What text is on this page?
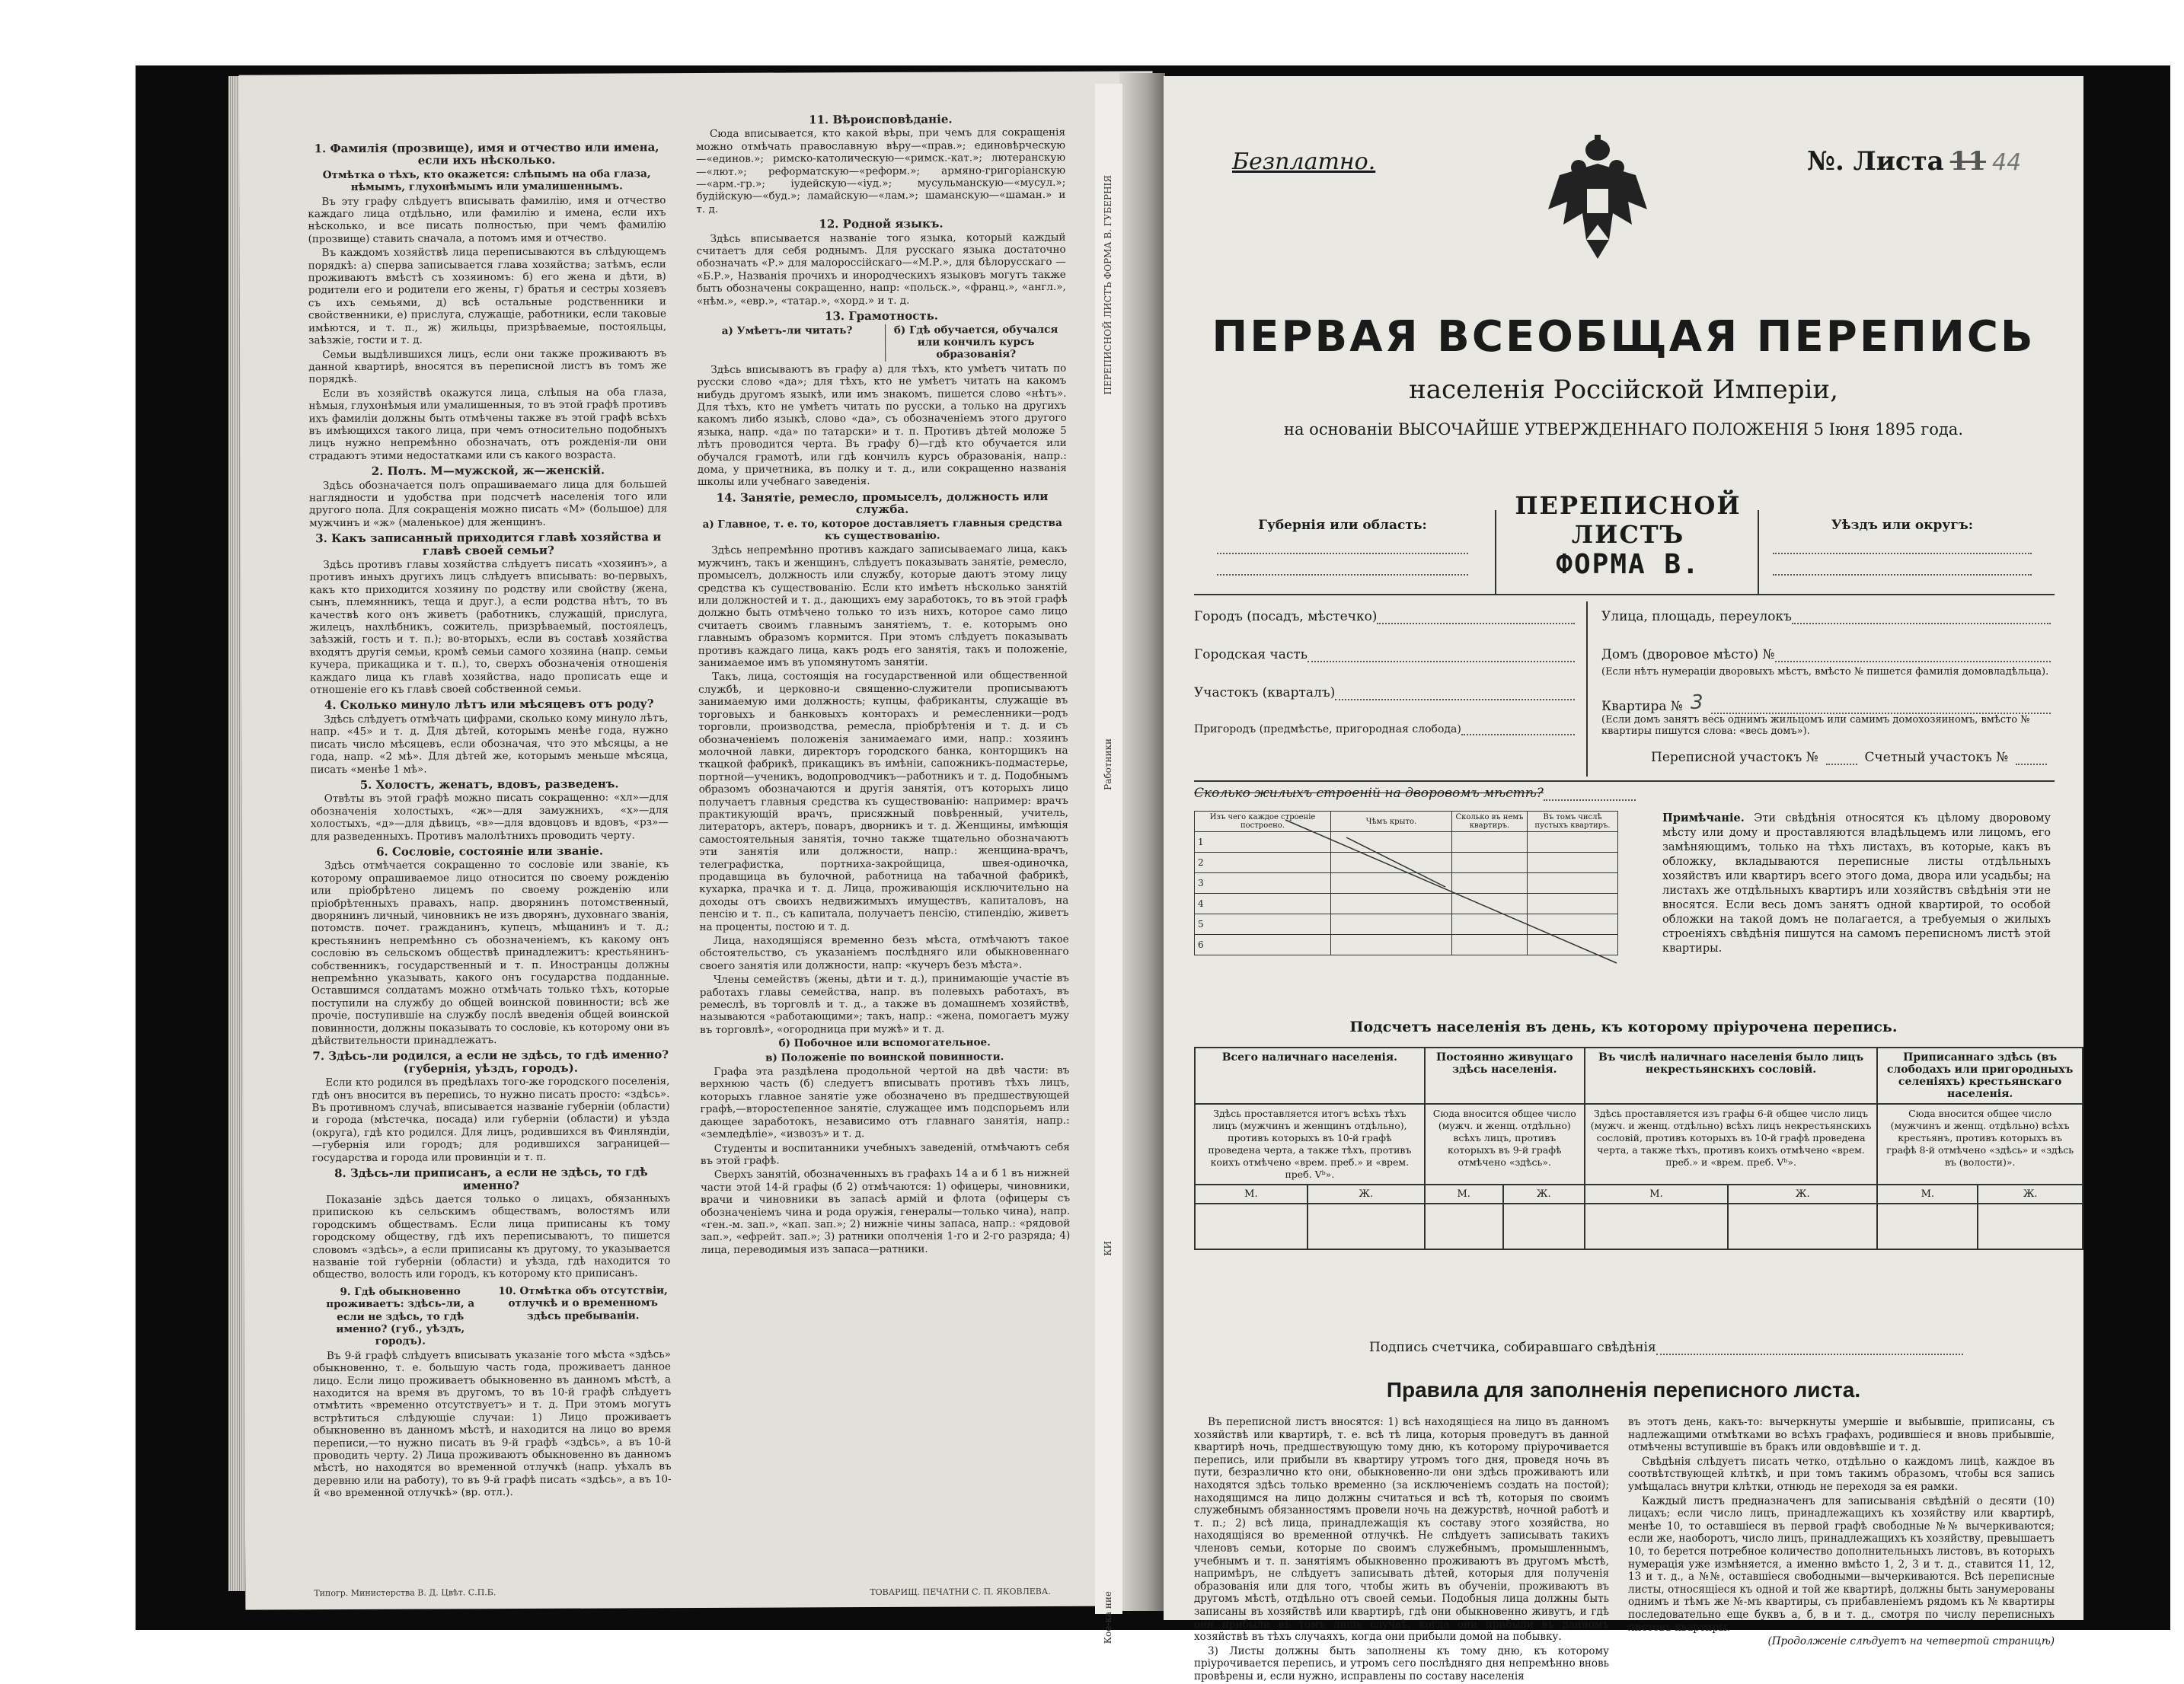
1. Фамилія (прозвище), имя и отчество или имена, если ихъ нѣсколько.

Отмѣтка о тѣхъ, кто окажется: слѣпымъ на оба глаза, нѣмымъ, глухонѣмымъ или умалишеннымъ.

Въ эту графу слѣдуетъ вписывать фамилію, имя и отчество каждаго лица отдѣльно, или фамилію и имена, если ихъ нѣсколько, и все писать полностью, при чемъ фамилію (прозвище) ставить сначала, а потомъ имя и отчество.

Въ каждомъ хозяйствѣ лица переписываются въ слѣдующемъ порядкѣ: а) сперва записывается глава хозяйства; затѣмъ, если проживаютъ вмѣстѣ съ хозяиномъ: б) его жена и дѣти, в) родители его и родители его жены, г) братья и сестры хозяевъ съ ихъ семьями, д) всѣ остальные родственники и свойственники, е) прислуга, служащіе, работники, если таковые имѣются, и т. п., ж) жильцы, призрѣваемые, постояльцы, заѣзжіе, гости и т. д.

Семьи выдѣлившихся лицъ, если они также проживаютъ въ данной квартирѣ, вносятся въ переписной листъ въ томъ же порядкѣ.

Если въ хозяйствѣ окажутся лица, слѣпыя на оба глаза, нѣмыя, глухонѣмыя или умалишенныя, то въ этой графѣ противъ ихъ фамиліи должны быть отмѣчены также въ этой графѣ всѣхъ въ имѣющихся такого лица, при чемъ относительно подобныхъ лицъ нужно непремѣнно обозначать, отъ рожденія-ли они страдаютъ этими недостатками или съ какого возраста.

2. Полъ. М—мужской, ж—женскій.

Здѣсь обозначается полъ опрашиваемаго лица для большей наглядности и удобства при подсчетѣ населенія того или другого пола. Для сокращенія можно писать «М» (большое) для мужчинъ и «ж» (маленькое) для женщинъ.

3. Какъ записанный приходится главѣ хозяйства и главѣ своей семьи?

Здѣсь противъ главы хозяйства слѣдуетъ писать «хозяинъ», а противъ иныхъ другихъ лицъ слѣдуетъ вписывать: во-первыхъ, какъ кто приходится хозяину по родству или свойству (жена, сынъ, племянникъ, теща и друг.), а если родства нѣтъ, то въ качествѣ кого онъ живетъ (работникъ, служащій, прислуга, жилецъ, нахлѣбникъ, сожитель, призрѣваемый, постоялецъ, заѣзжій, гость и т. п.); во-вторыхъ, если въ составѣ хозяйства входятъ другія семьи, кромѣ семьи самого хозяина (напр. семьи кучера, прикащика и т. п.), то, сверхъ обозначенія отношенія каждаго лица къ главѣ хозяйства, надо прописать еще и отношеніе его къ главѣ своей собственной семьи.

4. Сколько минуло лѣтъ или мѣсяцевъ отъ роду?

Здѣсь слѣдуетъ отмѣчать цифрами, сколько кому минуло лѣтъ, напр. «45» и т. д. Для дѣтей, которымъ менѣе года, нужно писать число мѣсяцевъ, если обозначая, что это мѣсяцы, а не года, напр. «2 мѣ». Для дѣтей же, которымъ меньше мѣсяца, писать «менѣе 1 мѣ».

5. Холостъ, женатъ, вдовъ, разведенъ.

Отвѣты въ этой графѣ можно писать сокращенно: «хл»—для обозначенія холостыхъ, «ж»—для замужнихъ, «х»—для холостыхъ, «д»—для дѣвицъ, «в»—для вдовцовъ и вдовъ, «рз»—для разведенныхъ. Противъ малолѣтнихъ проводить черту.

6. Сословіе, состояніе или званіе.

Здѣсь отмѣчается сокращенно то сословіе или званіе, къ которому опрашиваемое лицо относится по своему рожденію или пріобрѣтено лицемъ по своему рожденію или пріобрѣтенныхъ правахъ, напр. дворянинъ потомственный, дворянинъ личный, чиновникъ не изъ дворянъ, духовнаго званія, потомств. почет. гражданинъ, купецъ, мѣщанинъ и т. д.; крестьянинъ непремѣнно съ обозначеніемъ, къ какому онъ сословію въ сельскомъ обществѣ принадлежитъ: крестьянинъ-собственникъ, государственный и т. п. Иностранцы должны непремѣнно указывать, какого онъ государства подданные. Оставшимся солдатамъ можно отмѣчать только тѣхъ, которые поступили на службу до общей воинской повинности; всѣ же прочіе, поступившіе на службу послѣ введенія общей воинской повинности, должны показывать то сословіе, къ которому они въ дѣйствительности принадлежатъ.

7. Здѣсь-ли родился, а если не здѣсь, то гдѣ именно? (губернія, уѣздъ, городъ).

Если кто родился въ предѣлахъ того-же городского поселенія, гдѣ онъ вносится въ перепись, то нужно писать просто: «здѣсь». Въ противномъ случаѣ, вписывается названіе губерніи (области) и города (мѣстечка, посада) или губерніи (области) и уѣзда (округа), гдѣ кто родился. Для лицъ, родившихся въ Финляндіи,—губернія или городъ; для родившихся заграницей—государства и города или провинціи и т. п.

8. Здѣсь-ли приписанъ, а если не здѣсь, то гдѣ именно?

Показаніе здѣсь дается только о лицахъ, обязанныхъ припискою къ сельскимъ обществамъ, волостямъ или городскимъ обществамъ. Если лица приписаны къ тому городскому обществу, гдѣ ихъ переписываютъ, то пишется словомъ «здѣсь», а если приписаны къ другому, то указывается названіе той губерніи (области) и уѣзда, гдѣ находится то общество, волость или городъ, къ которому кто приписанъ.

9. Гдѣ обыкновенно проживаетъ: здѣсь-ли, а если не здѣсь, то гдѣ именно? (губ., уѣздъ, городъ).
10. Отмѣтка объ отсутствіи, отлучкѣ и о временномъ здѣсь пребываніи.

Въ 9-й графѣ слѣдуетъ вписывать указаніе того мѣста «здѣсь» обыкновенно, т. е. большую часть года, проживаетъ данное лицо. Если лицо проживаетъ обыкновенно въ данномъ мѣстѣ, а находится на время въ другомъ, то въ 10-й графѣ слѣдуетъ отмѣтить «временно отсутствуетъ» и т. д. При этомъ могутъ встрѣтиться слѣдующіе случаи: 1) Лицо проживаетъ обыкновенно въ данномъ мѣстѣ, и находится на лицо во время переписи,—то нужно писать въ 9-й графѣ «здѣсь», а въ 10-й проводить черту. 2) Лица проживаютъ обыкновенно въ данномъ мѣстѣ, но находятся во временной отлучкѣ (напр. уѣхалъ въ деревню или на работу), то въ 9-й графѣ писать «здѣсь», а въ 10-й «во временной отлучкѣ» (вр. отл.).

Типогр. Министерства В. Д. Цвѣт. С.П.Б.
11. Вѣроисповѣданіе.

Сюда вписывается, кто какой вѣры, при чемъ для сокращенія можно отмѣчать православную вѣру—«прав.»; единовѣрческую—«единов.»; римско-католическую—«римск.-кат.»; лютеранскую—«лют.»; реформатскую—«реформ.»; армяно-григоріанскую—«арм.-гр.»; іудейскую—«іуд.»; мусульманскую—«мусул.»; будійскую—«буд.»; ламайскую—«лам.»; шаманскую—«шаман.» и т. д.

12. Родной языкъ.

Здѣсь вписывается названіе того языка, который каждый считаетъ для себя роднымъ. Для русскаго языка достаточно обозначать «Р.» для малороссійскаго—«М.Р.», для бѣлорусскаго — «Б.Р.», Названія прочихъ и инородческихъ языковъ могутъ также быть обозначены сокращенно, напр: «польск.», «франц.», «англ.», «нѣм.», «евр.», «татар.», «хорд.» и т. д.

13. Грамотность.
а) Умѣетъ-ли читать?	б) Гдѣ обучается, обучался или кончилъ курсъ образованія?

Здѣсь вписываютъ въ графу а) для тѣхъ, кто умѣетъ читать по русски слово «да»; для тѣхъ, кто не умѣетъ читать на какомъ нибудь другомъ языкѣ, или имъ знакомъ, пишется слово «нѣтъ». Для тѣхъ, кто не умѣетъ читать по русски, а только на другихъ какомъ либо языкѣ, слово «да», съ обозначеніемъ этого другого языка, напр. «да» по татарски» и т. п. Противъ дѣтей моложе 5 лѣтъ проводится черта. Въ графу б)—гдѣ кто обучается или обучался грамотѣ, или гдѣ кончилъ курсъ образованія, напр.: дома, у причетника, въ полку и т. д., или сокращенно названія школы или учебнаго заведенія.

14. Занятіе, ремесло, промыселъ, должность или служба.

а) Главное, т. е. то, которое доставляетъ главныя средства къ существованію.

Здѣсь непремѣнно противъ каждаго записываемаго лица, какъ мужчинъ, такъ и женщинъ, слѣдуетъ показывать занятіе, ремесло, промыселъ, должность или службу, которые даютъ этому лицу средства къ существованію. Если кто имѣетъ нѣсколько занятій или должностей и т. д., дающихъ ему заработокъ, то въ этой графѣ должно быть отмѣчено только то изъ нихъ, которое само лицо считаетъ своимъ главнымъ занятіемъ, т. е. которымъ оно главнымъ образомъ кормится. При этомъ слѣдуетъ показывать противъ каждаго лица, какъ родъ его занятія, такъ и положеніе, занимаемое имъ въ упомянутомъ занятіи.

Такъ, лица, состоящія на государственной или общественной службѣ, и церковно-и священно-служители прописываютъ занимаемую ими должность; купцы, фабриканты, служащіе въ торговыхъ и банковыхъ конторахъ и ремесленники—родъ торговли, производства, ремесла, пріобрѣтенія и т. д. и съ обозначеніемъ положенія занимаемаго ими, напр.: хозяинъ молочной лавки, директоръ городского банка, конторщикъ на ткацкой фабрикѣ, прикащикъ въ имѣніи, сапожникъ-подмастерье, портной—ученикъ, водопроводчикъ—работникъ и т. д. Подобнымъ образомъ обозначаются и другія занятія, отъ которыхъ лицо получаетъ главныя средства къ существованію: например: врачъ практикующій врачъ, присяжный повѣренный, учитель, литераторъ, актеръ, поваръ, дворникъ и т. д. Женщины, имѣющія самостоятельныя занятія, точно также тщательно обозначаютъ эти занятія или должности, напр.: женщина-врачъ, телеграфистка, портниха-закройщица, швея-одиночка, продавщица въ булочной, работница на табачной фабрикѣ, кухарка, прачка и т. д. Лица, проживающія исключительно на доходы отъ своихъ недвижимыхъ имуществъ, капиталовъ, на пенсію и т. п., съ капитала, получаетъ пенсію, стипендію, живетъ на проценты, постою и т. д.

Лица, находящіяся временно безъ мѣста, отмѣчаютъ такое обстоятельство, съ указаніемъ послѣдняго или обыкновеннаго своего занятія или должности, напр: «кучеръ безъ мѣста».

Члены семействъ (жены, дѣти и т. д.), принимающіе участіе въ работахъ главы семейства, напр. въ полевыхъ работахъ, въ ремеслѣ, въ торговлѣ и т. д., а также въ домашнемъ хозяйствѣ, называются «работающими»; такъ, напр.: «жена, помогаетъ мужу въ торговлѣ», «огородница при мужѣ» и т. д.

б) Побочное или вспомогательное.

в) Положеніе по воинской повинности.

Графа эта раздѣлена продольной чертой на двѣ части: въ верхнюю часть (б) следуетъ вписывать противъ тѣхъ лицъ, которыхъ главное занятіе уже обозначено въ предшествующей графѣ,—второстепенное занятіе, служащее имъ подспорьемъ или дающее заработокъ, независимо отъ главнаго занятія, напр.: «земледѣліе», «извозъ» и т. д.

Студенты и воспитанники учебныхъ заведеній, отмѣчаютъ себя въ этой графѣ.

Сверхъ занятій, обозначенныхъ въ графахъ 14 а и б 1 въ нижней части этой 14-й графы (б 2) отмѣчаются: 1) офицеры, чиновники, врачи и чиновники въ запасѣ армій и флота (офицеры съ обозначеніемъ чина и рода оружія, генералы—только чина), напр. «ген.-м. зап.», «кап. зап.»; 2) нижніе чины запаса, напр.: «рядовой зап.», «ефрейт. зап.»; 3) ратники ополченія 1-го и 2-го разряда; 4) лица, переводимыя изъ запаса—ратники.

ТОВАРИЩ. ПЕЧАТНИ С. П. ЯКОВЛЕВА.
ПЕРЕПИСНОЙ ЛИСТЪ ФОРМА В. ГУБЕРНІЯ
Работники
КИ
Кое-ка ние
Безплатно.	№. Листа 11 44
ПЕРВАЯ ВСЕОБЩАЯ ПЕРЕПИСЬ
населенія Россійской Имперіи,
на основаніи ВЫСОЧАЙШЕ УТВЕРЖДЕННАГО ПОЛОЖЕНІЯ 5 Іюня 1895 года.
ПЕРЕПИСНОЙ ЛИСТЪ
ФОРМА В.
Губернія или область:	Уѣздъ или округъ:
Городъ (посадъ, мѣстечко)
Городская часть
Участокъ (кварталъ)
Пригородъ (предмѣстье, пригородная слобода)
Улица, площадь, переулокъ
Домъ (дворовое мѣсто) №
(Если нѣтъ нумераціи дворовыхъ мѣстъ, вмѣсто № пишется фамилія домовладѣльца).
Квартира № 3
(Если домъ занятъ весь однимъ жильцомъ или самимъ домохозяиномъ, вмѣсто № квартиры пишутся слова: «весь домъ»).
Переписной участокъ №	Счетный участокъ №
Сколько жилыхъ строеній на дворовомъ мѣстѣ?
Изъ чего каждое строеніе построено.	Чѣмъ крыто.	Сколько въ немъ квартиръ.	Въ томъ числѣ пустыхъ квартиръ.
1			
2			
3			
4			
5			
6			
Примѣчаніе. Эти свѣдѣнія относятся къ цѣлому дворовому мѣсту или дому и проставляются владѣльцемъ или лицомъ, его замѣняющимъ, только на тѣхъ листахъ, въ которые, какъ въ обложку, вкладываются переписные листы отдѣльныхъ хозяйствъ или квартиръ всего этого дома, двора или усадьбы; на листахъ же отдѣльныхъ квартиръ или хозяйствъ свѣдѣнія эти не вносятся. Если весь домъ занятъ одной квартирой, то особой обложки на такой домъ не полагается, а требуемыя о жилыхъ строеніяхъ свѣдѣнія пишутся на самомъ переписномъ листѣ этой квартиры.
Подсчетъ населенія въ день, къ которому пріурочена перепись.
Всего наличнаго населенія.		Постоянно живущаго здѣсь населенія.		Въ числѣ наличнаго населенія было лицъ некрестьянскихъ сословій.		Приписаннаго здѣсь (въ слободахъ или пригородныхъ селеніяхъ) крестьянскаго населенія.	
Здѣсь проставляется итогъ всѣхъ тѣхъ лицъ (мужчинъ и женщинъ отдѣльно), противъ которыхъ въ 10-й графѣ проведена черта, а также тѣхъ, противъ коихъ отмѣчено «врем. преб.» и «врем. преб. Vᵇ».		Сюда вносится общее число (мужч. и женщ. отдѣльно) всѣхъ лицъ, противъ которыхъ въ 9-й графѣ отмѣчено «здѣсь».		Здѣсь проставляется изъ графы 6-й общее число лицъ (мужч. и женщ. отдѣльно) всѣхъ лицъ некрестьянскихъ сословій, противъ которыхъ въ 10-й графѣ проведена черта, а также тѣхъ, противъ коихъ отмѣчено «врем. преб.» и «врем. преб. Vᵇ».		Сюда вносится общее число (мужчинъ и женщ. отдѣльно) всѣхъ крестьянъ, противъ которыхъ въ графѣ 8-й отмѣчено «здѣсь» и «здѣсь въ (волости)».	
М.	Ж.	М.	Ж.	М.	Ж.	М.	Ж.

Подпись счетчика, собиравшаго свѣдѣнія
Правила для заполненія переписного листа.

Въ переписной листъ вносятся: 1) всѣ находящіеся на лицо въ данномъ хозяйствѣ или квартирѣ, т. е. всѣ тѣ лица, которыя проведутъ въ данной квартирѣ ночь, предшествующую тому дню, къ которому пріурочивается перепись, или прибыли въ квартиру утромъ того дня, проведя ночь въ пути, безразлично кто они, обыкновенно-ли они здѣсь проживаютъ или находятся здѣсь только временно (за исключеніемъ создать на постой); находящимся на лицо должны считаться и всѣ тѣ, которыя по своимъ служебнымъ обязанностямъ провели ночь на дежурствѣ, ночной работѣ и т. п.; 2) всѣ лица, принадлежащія къ составу этого хозяйства, но находящіяся во временной отлучкѣ. Не слѣдуетъ записывать такихъ членовъ семьи, которые по своимъ служебнымъ, промышленнымъ, учебнымъ и т. п. занятіямъ обыкновенно проживаютъ въ другомъ мѣстѣ, напримѣръ, не слѣдуетъ записывать дѣтей, которыя для полученія образованія или для того, чтобы жить въ обученіи, проживаютъ въ другомъ мѣстѣ, отдѣльно отъ своей семьи. Подобныя лица должны быть записаны въ хозяйствѣ или квартирѣ, гдѣ они обыкновенно живутъ, и гдѣ они прибыли въ томъ лишь случаѣ, когда они прибыли въ данномъ хозяйствѣ въ тѣхъ случаяхъ, когда они прибыли домой на побывку.

3) Листы должны быть заполнены къ тому дню, къ которому пріурочивается перепись, и утромъ сего послѣдняго дня непремѣнно вновь провѣрены и, если нужно, исправлены по составу населенія

въ этотъ день, какъ-то: вычеркнуты умершіе и выбывшіе, приписаны, съ надлежащими отмѣтками во всѣхъ графахъ, родившіеся и вновь прибывшіе, отмѣчены вступившіе въ бракъ или овдовѣвшіе и т. д.

Свѣдѣнія слѣдуетъ писать четко, отдѣльно о каждомъ лицѣ, каждое въ соотвѣтствующей клѣткѣ, и при томъ такимъ образомъ, чтобы вся запись умѣщалась внутри клѣтки, отнюдь не переходя за ея рамки.

Каждый листъ предназначенъ для записыванія свѣдѣній о десяти (10) лицахъ; если число лицъ, принадлежащихъ къ хозяйству или квартирѣ, менѣе 10, то оставшіеся въ первой графѣ свободные №№ вычеркиваются; если же, наоборотъ, число лицъ, принадлежащихъ къ хозяйству, превышаетъ 10, то берется потребное количество дополнительныхъ листовъ, въ которыхъ нумерація уже измѣняется, а именно вмѣсто 1, 2, 3 и т. д., ставится 11, 12, 13 и т. д., а №№, оставшіеся свободными—вычеркиваются. Всѣ переписные листы, относящіеся къ одной и той же квартирѣ, должны быть занумерованы однимъ и тѣмъ же №-мъ квартиры, съ прибавленіемъ рядомъ къ № квартиры последовательно еще буквъ а, б, в и т. д., смотря по числу переписныхъ листовъ квартиры.

(Продолженіе слѣдуетъ на четвертой страницѣ)
